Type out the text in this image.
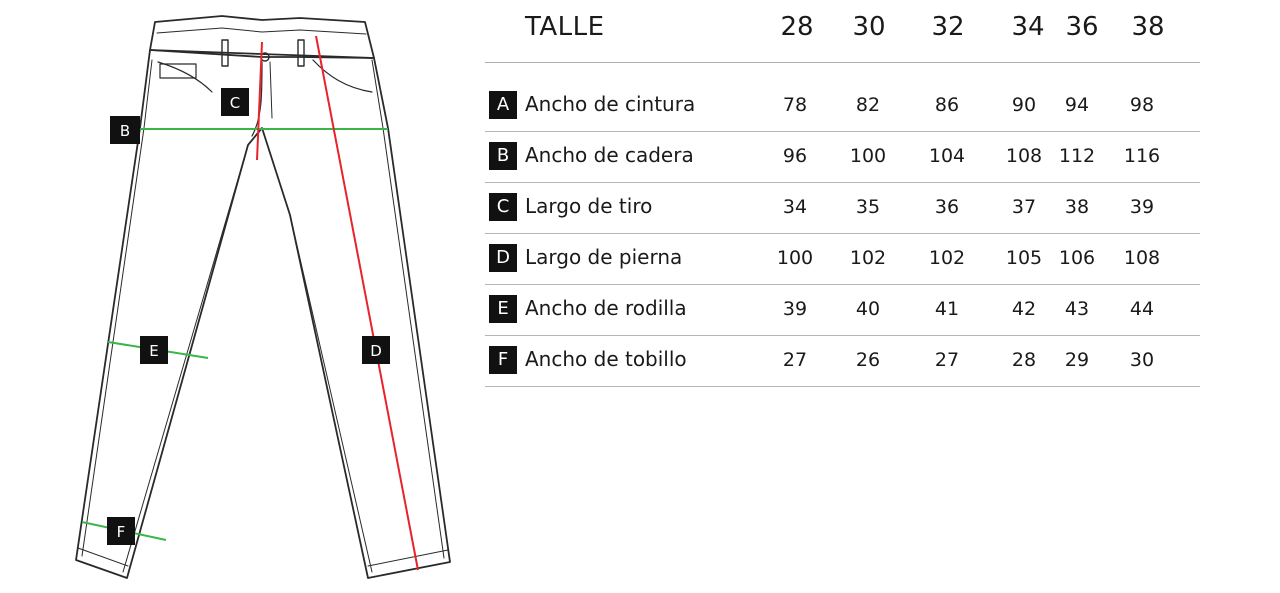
B
C
D
E
F
TALLE	28 30 32 34 36 38
A Ancho de cintura	78	82	86	90 94 98
B Ancho de cadera	96 100 104 108 112 116
C Largo de tiro	34	35	36	37 38 39
D Largo de pierna	100 102 102 105 106 108
E Ancho de rodilla	39	40	41	42 43 44
F Ancho de tobillo	27	26	27	28 29 30
